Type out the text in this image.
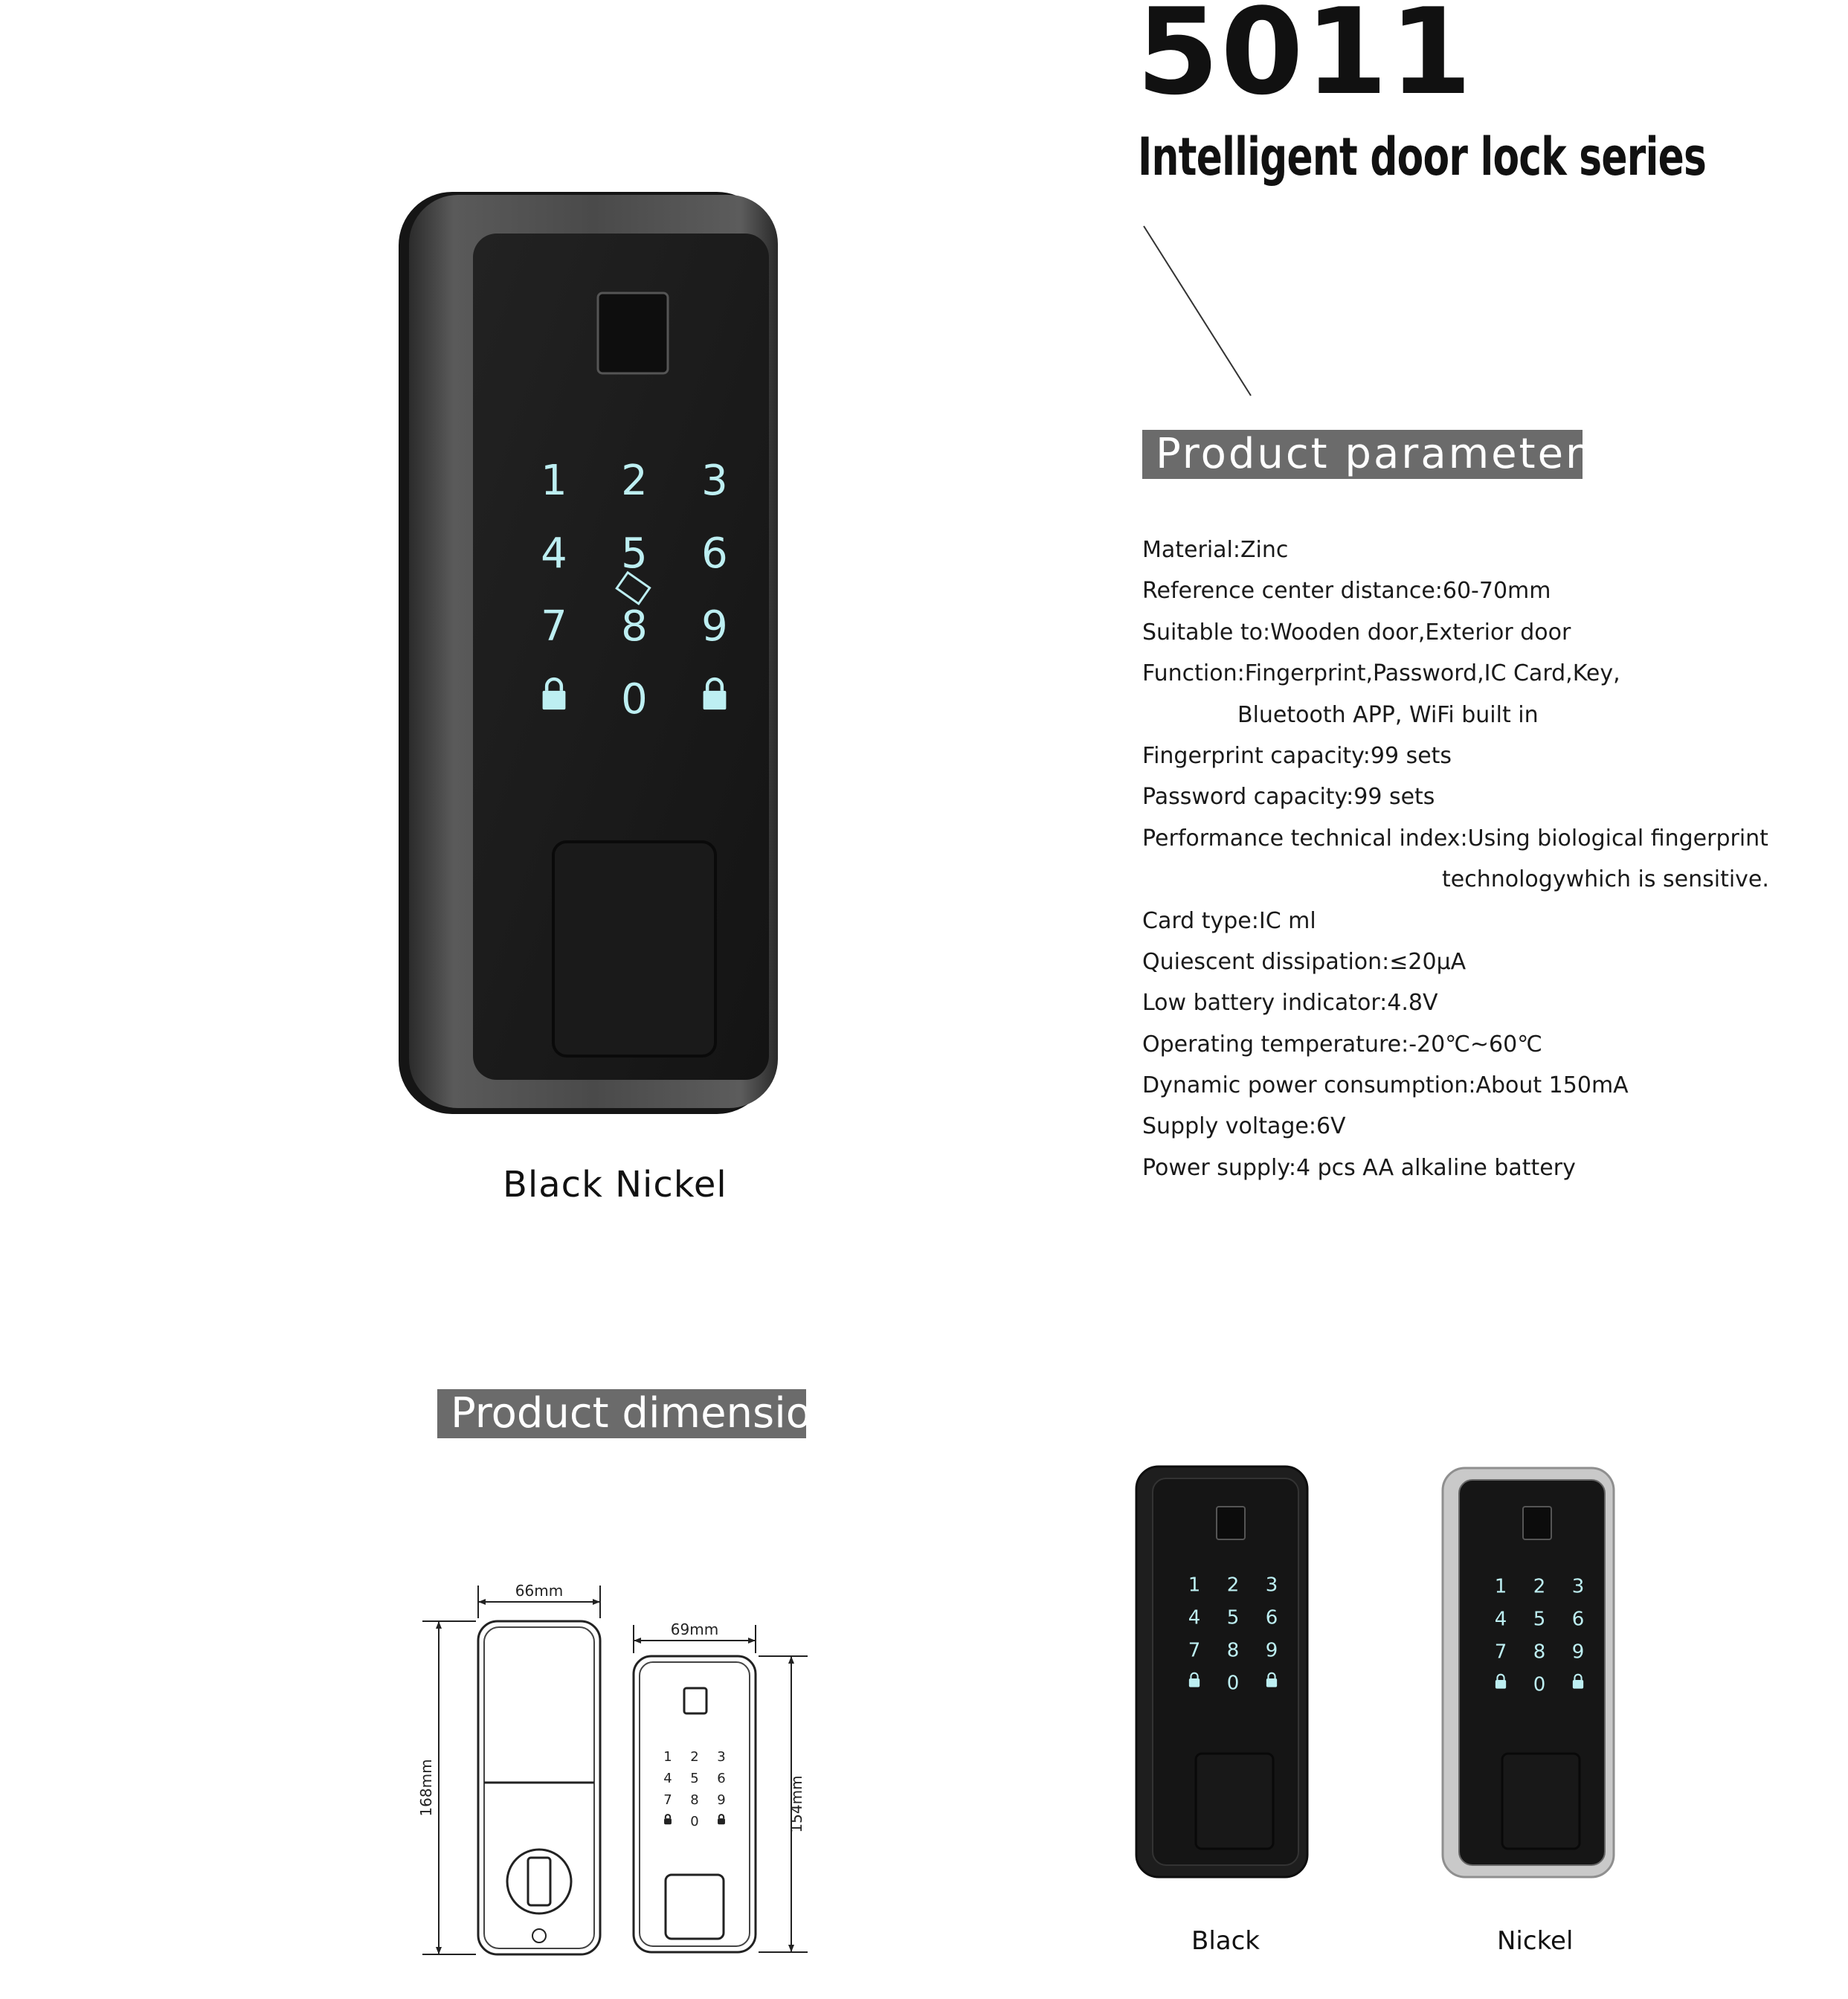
5011
Intelligent door lock series
1 2 3
4 5 6
7 8 9
0
Black Nickel
Product parameter
Material:Zinc
Reference center distance:60-70mm
Suitable to:Wooden door,Exterior door
Function:Fingerprint,Password,IC Card,Key,
Bluetooth APP, WiFi built in
Fingerprint capacity:99 sets
Password capacity:99 sets
Performance technical index:Using biological fingerprint
technologywhich is sensitive.
Card type:IC ml
Quiescent dissipation:≤20μA
Low battery indicator:4.8V
Operating temperature:-20℃~60℃
Dynamic power consumption:About 150mA
Supply voltage:6V
Power supply:4 pcs AA alkaline battery
Product dimensions
1 2 3
4 5 6
7 8 9
0
66mm
69mm
168mm	154mm
1 2 3
4 5 6
7 8 9
0
1 2 3
4 5 6
7 8 9
0
Black	Nickel
